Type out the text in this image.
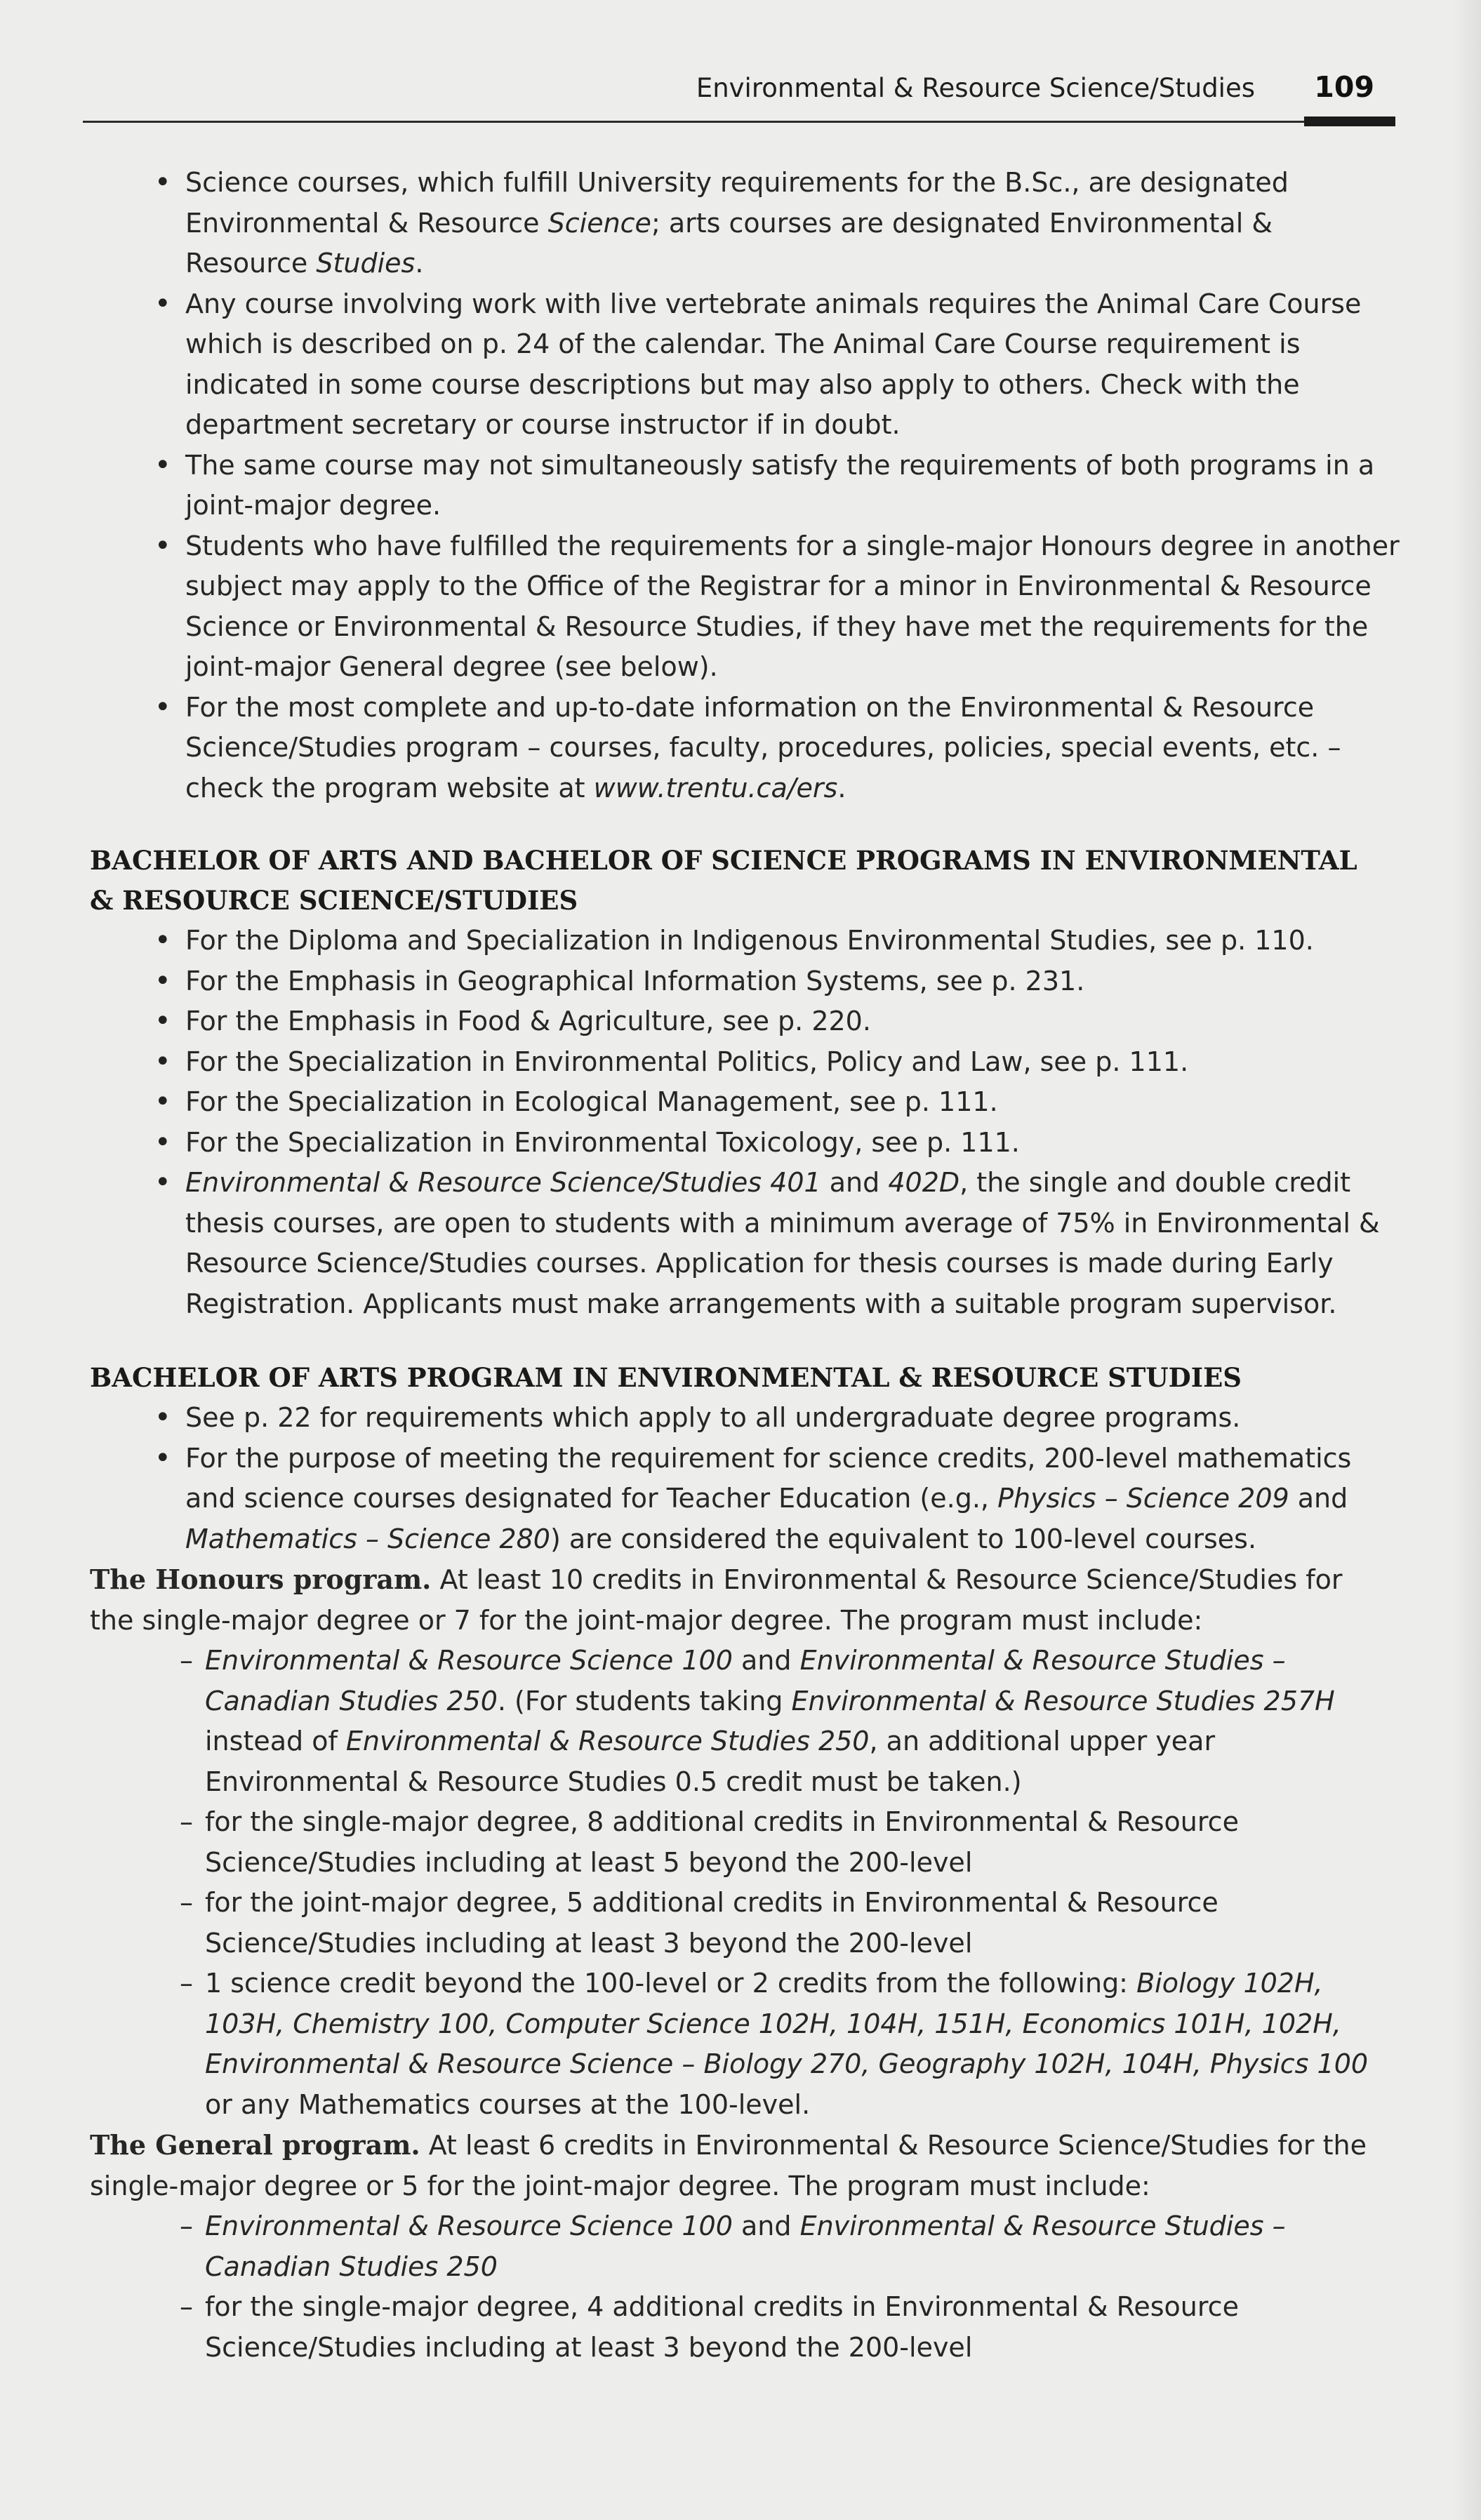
Environmental & Resource Science/Studies 109
• Science courses, which fulfill University requirements for the B.Sc., are designated Environmental & Resource Science; arts courses are designated Environmental & Resource Studies.
• Any course involving work with live vertebrate animals requires the Animal Care Course which is described on p. 24 of the calendar. The Animal Care Course requirement is indicated in some course descriptions but may also apply to others. Check with the department secretary or course instructor if in doubt.
• The same course may not simultaneously satisfy the requirements of both programs in a joint-major degree.
• Students who have fulfilled the requirements for a single-major Honours degree in another subject may apply to the Office of the Registrar for a minor in Environmental & Resource Science or Environmental & Resource Studies, if they have met the requirements for the joint-major General degree (see below).
• For the most complete and up-to-date information on the Environmental & Resource Science/Studies program – courses, faculty, procedures, policies, special events, etc. – check the program website at www.trentu.ca/ers.
BACHELOR OF ARTS AND BACHELOR OF SCIENCE PROGRAMS IN ENVIRONMENTAL & RESOURCE SCIENCE/STUDIES
• For the Diploma and Specialization in Indigenous Environmental Studies, see p. 110.
• For the Emphasis in Geographical Information Systems, see p. 231.
• For the Emphasis in Food & Agriculture, see p. 220.
• For the Specialization in Environmental Politics, Policy and Law, see p. 111.
• For the Specialization in Ecological Management, see p. 111.
• For the Specialization in Environmental Toxicology, see p. 111.
• Environmental & Resource Science/Studies 401 and 402D, the single and double credit thesis courses, are open to students with a minimum average of 75% in Environmental & Resource Science/Studies courses. Application for thesis courses is made during Early Registration. Applicants must make arrangements with a suitable program supervisor.
BACHELOR OF ARTS PROGRAM IN ENVIRONMENTAL & RESOURCE STUDIES
• See p. 22 for requirements which apply to all undergraduate degree programs.
• For the purpose of meeting the requirement for science credits, 200-level mathematics and science courses designated for Teacher Education (e.g., Physics – Science 209 and Mathematics – Science 280) are considered the equivalent to 100-level courses.

The Honours program. At least 10 credits in Environmental & Resource Science/Studies for the single-major degree or 7 for the joint-major degree. The program must include:

– Environmental & Resource Science 100 and Environmental & Resource Studies – Canadian Studies 250. (For students taking Environmental & Resource Studies 257H instead of Environmental & Resource Studies 250, an additional upper year Environmental & Resource Studies 0.5 credit must be taken.)
– for the single-major degree, 8 additional credits in Environmental & Resource Science/Studies including at least 5 beyond the 200-level
– for the joint-major degree, 5 additional credits in Environmental & Resource Science/Studies including at least 3 beyond the 200-level
– 1 science credit beyond the 100-level or 2 credits from the following: Biology 102H, 103H, Chemistry 100, Computer Science 102H, 104H, 151H, Economics 101H, 102H, Environmental & Resource Science – Biology 270, Geography 102H, 104H, Physics 100 or any Mathematics courses at the 100-level.

The General program. At least 6 credits in Environmental & Resource Science/Studies for the single-major degree or 5 for the joint-major degree. The program must include:

– Environmental & Resource Science 100 and Environmental & Resource Studies – Canadian Studies 250
– for the single-major degree, 4 additional credits in Environmental & Resource Science/Studies including at least 3 beyond the 200-level
